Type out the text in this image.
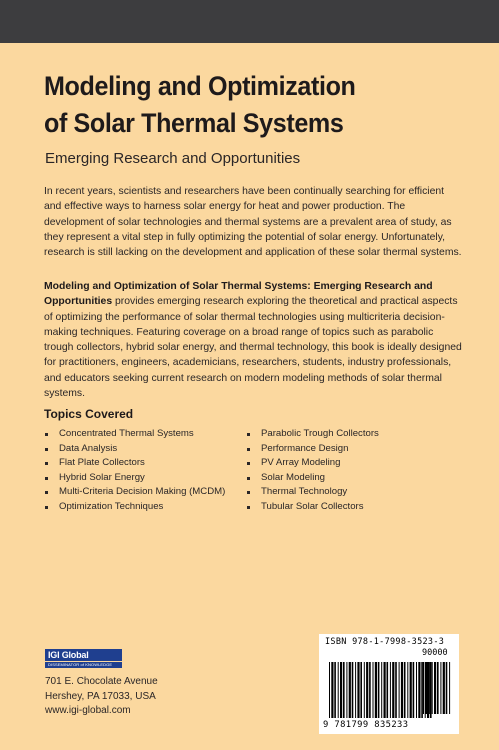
Modeling and Optimization
of Solar Thermal Systems
Emerging Research and Opportunities

In recent years, scientists and researchers have been continually searching for efficient and effective ways to harness solar energy for heat and power production. The development of solar technologies and thermal systems are a prevalent area of study, as they represent a vital step in fully optimizing the potential of solar energy. Unfortunately, research is still lacking on the development and application of these solar thermal systems.

Modeling and Optimization of Solar Thermal Systems: Emerging Research and Opportunities provides emerging research exploring the theoretical and practical aspects of optimizing the performance of solar thermal technologies using multicriteria decision-making techniques. Featuring coverage on a broad range of topics such as parabolic trough collectors, hybrid solar energy, and thermal technology, this book is ideally designed for practitioners, engineers, academicians, researchers, students, industry professionals, and educators seeking current research on modern modeling methods of solar thermal systems.

Topics Covered
Concentrated Thermal Systems
Data Analysis
Flat Plate Collectors
Hybrid Solar Energy
Multi-Criteria Decision Making (MCDM)
Optimization Techniques
Parabolic Trough Collectors
Performance Design
PV Array Modeling
Solar Modeling
Thermal Technology
Tubular Solar Collectors
IGI Global
DISSEMINATOR of KNOWLEDGE
701 E. Chocolate Avenue
Hershey, PA 17033, USA
www.igi-global.com
ISBN 978-1-7998-3523-3
90000
9 781799 835233
